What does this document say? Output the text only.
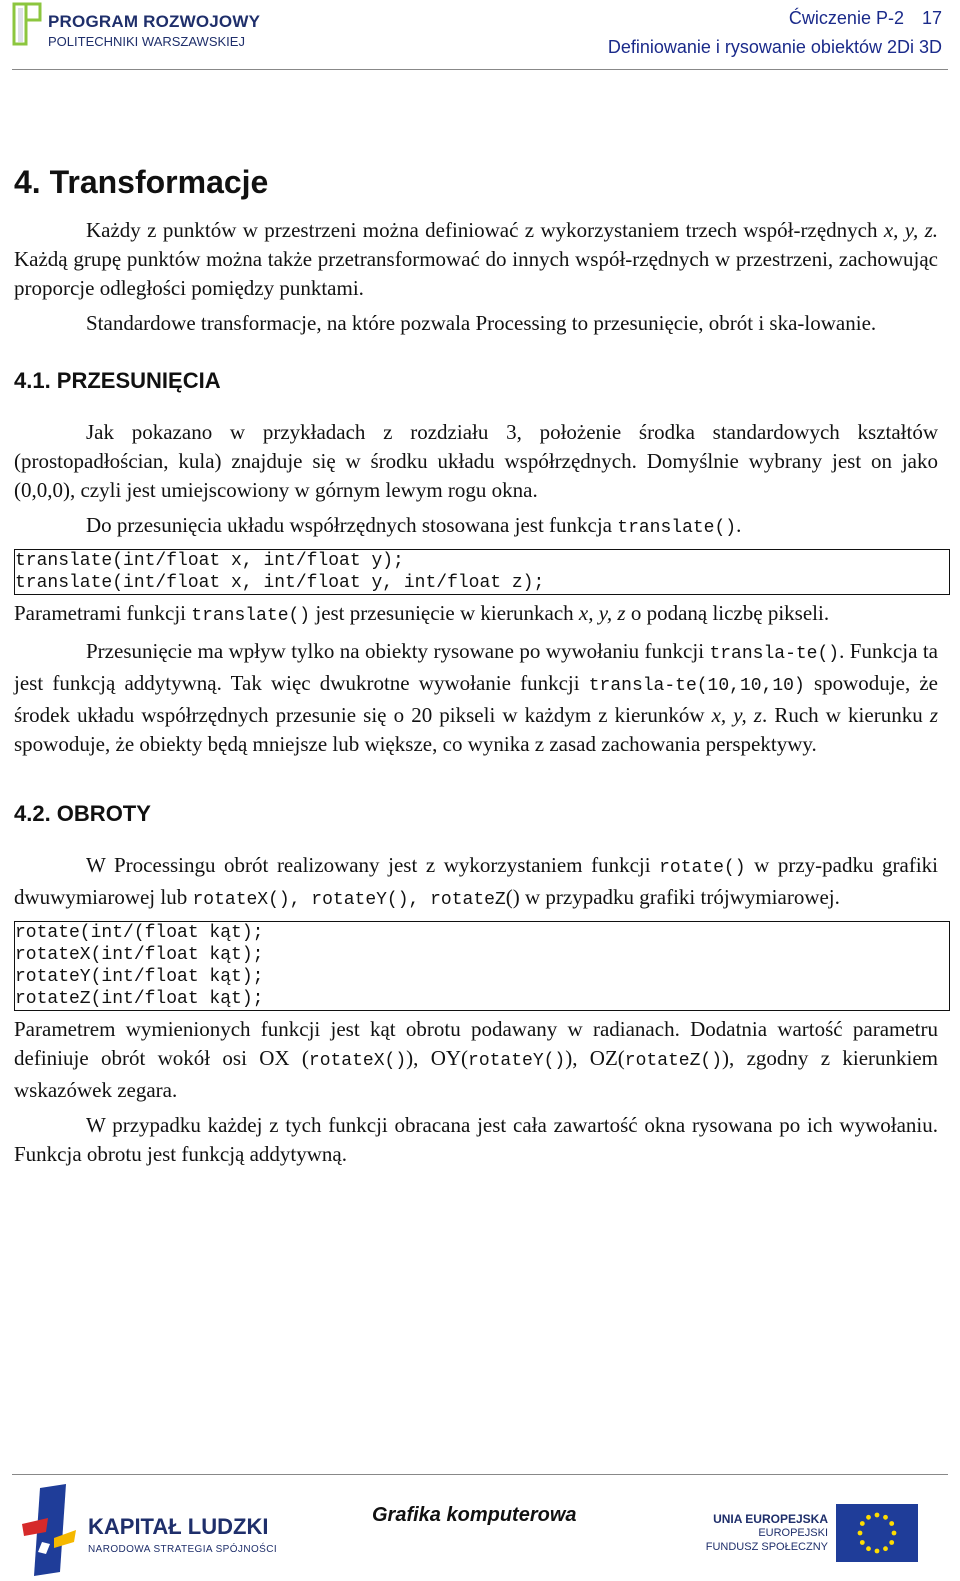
PROGRAM ROZWOJOWY
POLITECHNIKI WARSZAWSKIEJ
Ćwiczenie P-2 17
Definiowanie i rysowanie obiektów 2Di 3D
4. Transformacje

Każdy z punktów w przestrzeni można definiować z wykorzystaniem trzech współ-rzędnych x, y, z. Każdą grupę punktów można także przetransformować do innych współ-rzędnych w przestrzeni, zachowując proporcje odległości pomiędzy punktami.

Standardowe transformacje, na które pozwala Processing to przesunięcie, obrót i ska-lowanie.

4.1. PRZESUNIĘCIA

Jak pokazano w przykładach z rozdziału 3, położenie środka standardowych kształtów (prostopadłościan, kula) znajduje się w środku układu współrzędnych. Domyślnie wybrany jest on jako (0,0,0), czyli jest umiejscowiony w górnym lewym rogu okna.

Do przesunięcia układu współrzędnych stosowana jest funkcja translate().

translate(int/float x, int/float y);
translate(int/float x, int/float y, int/float z);

Parametrami funkcji translate() jest przesunięcie w kierunkach x, y, z o podaną liczbę pikseli.

Przesunięcie ma wpływ tylko na obiekty rysowane po wywołaniu funkcji transla-te(). Funkcja ta jest funkcją addytywną. Tak więc dwukrotne wywołanie funkcji transla-te(10,10,10) spowoduje, że środek układu współrzędnych przesunie się o 20 pikseli w każdym z kierunków x, y, z. Ruch w kierunku z spowoduje, że obiekty będą mniejsze lub większe, co wynika z zasad zachowania perspektywy.

4.2. OBROTY

W Processingu obrót realizowany jest z wykorzystaniem funkcji rotate() w przy-padku grafiki dwuwymiarowej lub rotateX(), rotateY(), rotateZ() w przypadku grafiki trójwymiarowej.

rotate(int/(float kąt);
rotateX(int/float kąt);
rotateY(int/float kąt);
rotateZ(int/float kąt);

Parametrem wymienionych funkcji jest kąt obrotu podawany w radianach. Dodatnia wartość parametru definiuje obrót wokół osi OX (rotateX()), OY(rotateY()), OZ(rotateZ()), zgodny z kierunkiem wskazówek zegara.

W przypadku każdej z tych funkcji obracana jest cała zawartość okna rysowana po ich wywołaniu. Funkcja obrotu jest funkcją addytywną.

KAPITAŁ LUDZKI
NARODOWA STRATEGIA SPÓJNOŚCI
Grafika komputerowa	UNIA EUROPEJSKA
EUROPEJSKI
FUNDUSZ SPOŁECZNY
